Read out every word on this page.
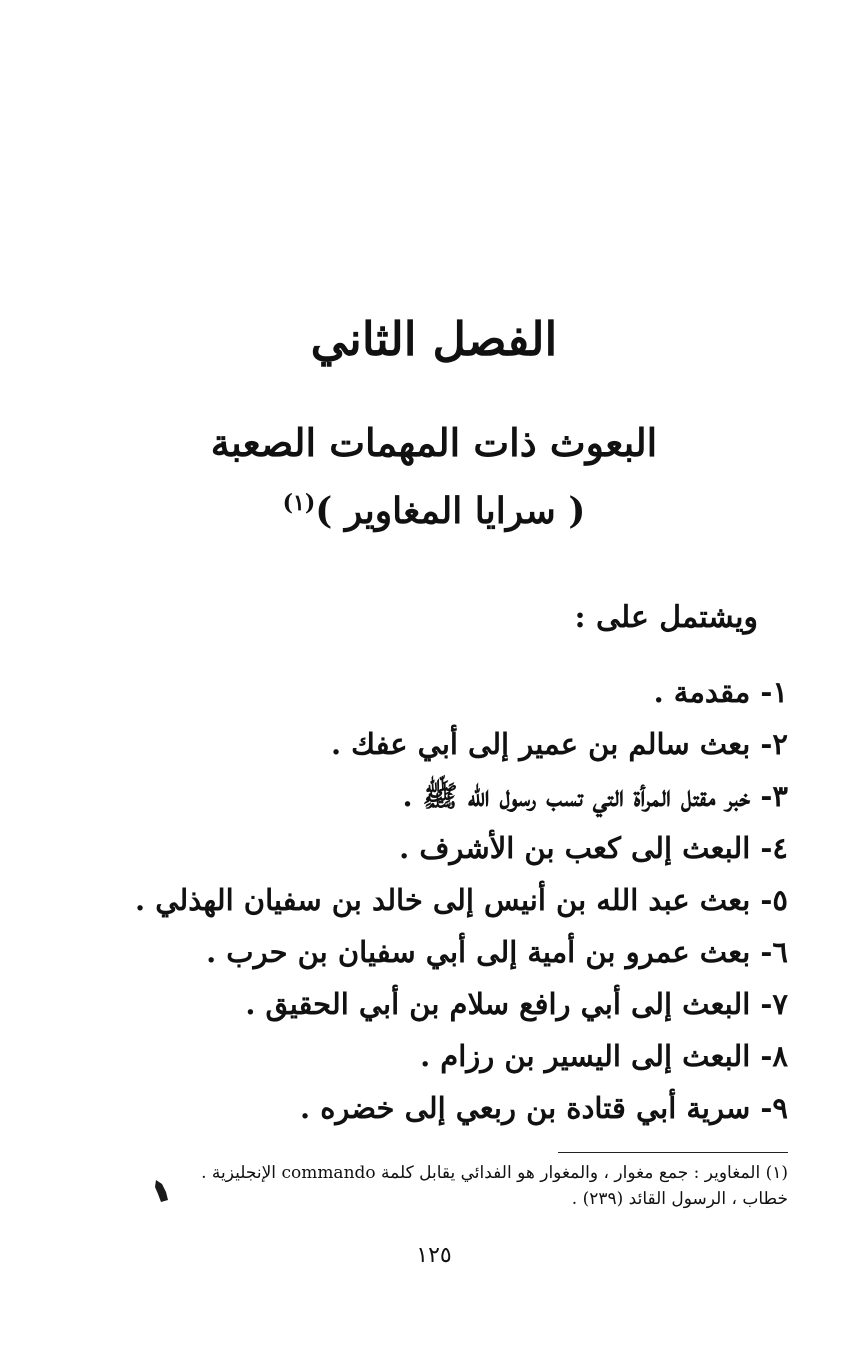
الفصل الثاني
البعوث ذات المهمات الصعبة
( سرايا المغاوير )$^{(١)}$
ويشتمل على :
١- مقدمة .
٢- بعث سالم بن عمير إلى أبي عفك .
٣- خبر مقتل المرأة التي تسب رسول الله ﷺ .
٤- البعث إلى كعب بن الأشرف .
٥- بعث عبد الله بن أنيس إلى خالد بن سفيان الهذلي .
٦- بعث عمرو بن أمية إلى أبي سفيان بن حرب .
٧- البعث إلى أبي رافع سلام بن أبي الحقيق .
٨- البعث إلى اليسير بن رزام .
٩- سرية أبي قتادة بن ربعي إلى خضره .
(١) المغاوير : جمع مغوار ، والمغوار هو الفدائي يقابل كلمة commando الإنجليزية .
خطاب ، الرسول القائد (٢٣٩) .
١٢٥
